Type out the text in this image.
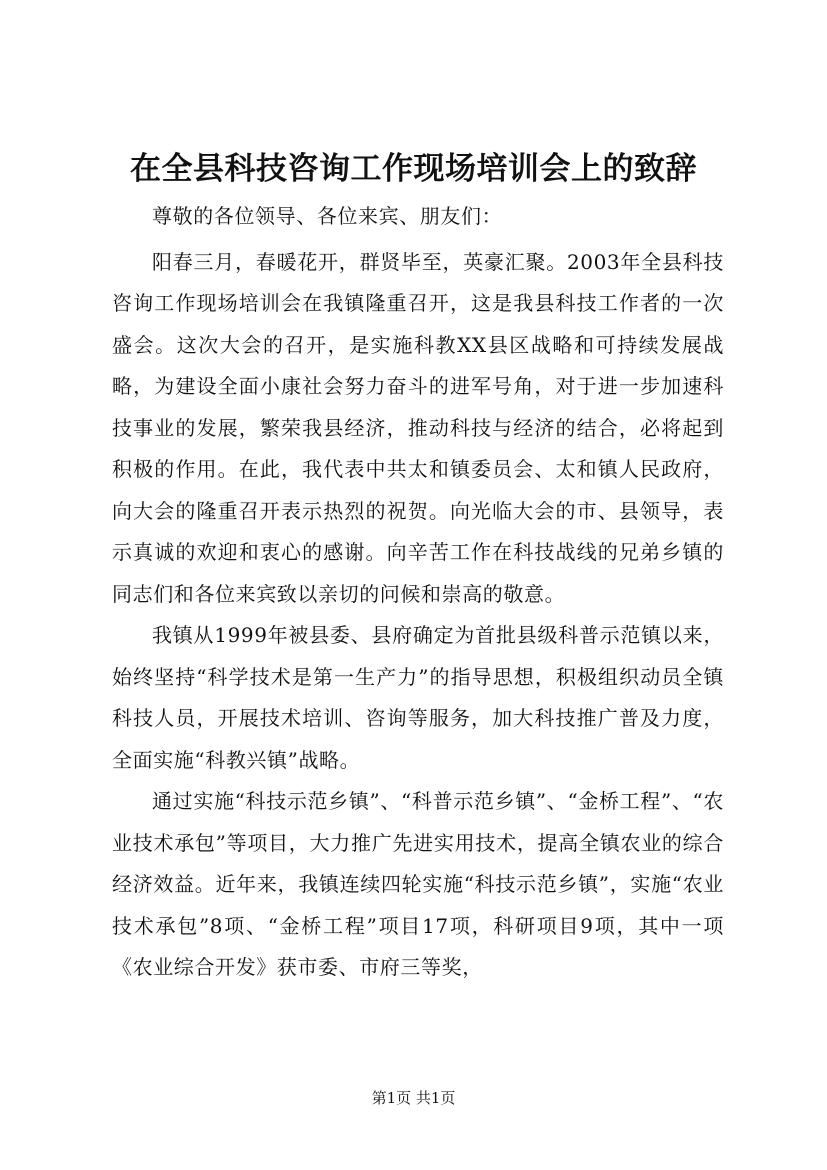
在全县科技咨询工作现场培训会上的致辞

尊敬的各位领导、各位来宾、朋友们：

阳春三月，春暖花开，群贤毕至，英豪汇聚。2003年全县科技咨询工作现场培训会在我镇隆重召开，这是我县科技工作者的一次盛会。这次大会的召开，是实施科教XX县区战略和可持续发展战略，为建设全面小康社会努力奋斗的进军号角，对于进一步加速科技事业的发展，繁荣我县经济，推动科技与经济的结合，必将起到积极的作用。在此，我代表中共太和镇委员会、太和镇人民政府，向大会的隆重召开表示热烈的祝贺。向光临大会的市、县领导，表示真诚的欢迎和衷心的感谢。向辛苦工作在科技战线的兄弟乡镇的同志们和各位来宾致以亲切的问候和崇高的敬意。

我镇从1999年被县委、县府确定为首批县级科普示范镇以来，始终坚持“科学技术是第一生产力”的指导思想，积极组织动员全镇科技人员，开展技术培训、咨询等服务，加大科技推广普及力度，全面实施“科教兴镇”战略。

通过实施“科技示范乡镇”、“科普示范乡镇”、“金桥工程”、“农业技术承包”等项目，大力推广先进实用技术，提高全镇农业的综合经济效益。近年来，我镇连续四轮实施“科技示范乡镇”，实施“农业技术承包”8项、“金桥工程”项目17项，科研项目9项，其中一项《农业综合开发》获市委、市府三等奖，

第1页 共1页
